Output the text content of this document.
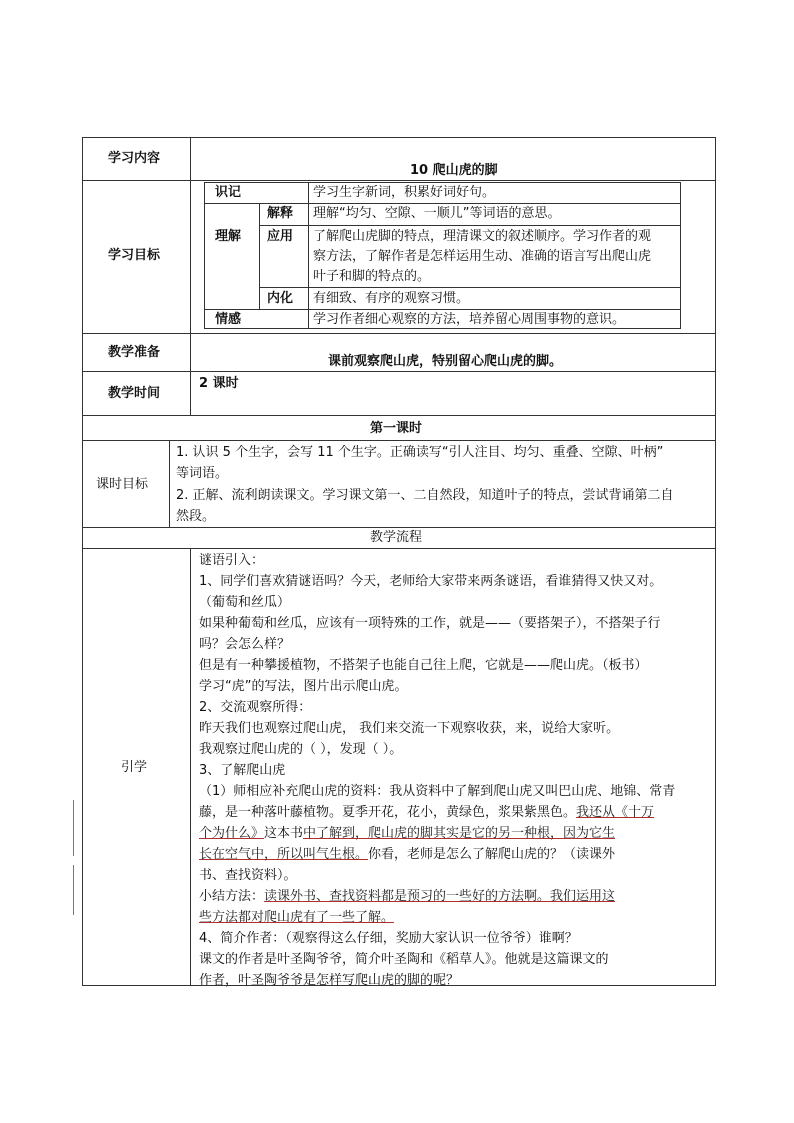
学习内容
10 爬山虎的脚
学习目标
识记	学习生字新词，积累好词好句。
理解
解释 理解“均匀、空隙、一顺儿”等词语的意思。
应用 了解爬山虎脚的特点，理清课文的叙述顺序。学习作者的观
察方法，了解作者是怎样运用生动、准确的语言写出爬山虎
叶子和脚的特点的。
内化 有细致、有序的观察习惯。
情感	学习作者细心观察的方法，培养留心周围事物的意识。
教学准备
课前观察爬山虎，特别留心爬山虎的脚。
教学时间
2 课时
第一课时
课时目标
1. 认识 5 个生字，会写 11 个生字。正确读写“引人注目、均匀、重叠、空隙、叶柄”
等词语。
2. 正解、流利朗读课文。学习课文第一、二自然段，知道叶子的特点，尝试背诵第二自
然段。
教学流程
引学
谜语引入：
1、同学们喜欢猜谜语吗？今天，老师给大家带来两条谜语，看谁猜得又快又对。
（葡萄和丝瓜）
如果种葡萄和丝瓜，应该有一项特殊的工作，就是——（要搭架子），不搭架子行
吗？会怎么样？
但是有一种攀援植物，不搭架子也能自己往上爬，它就是——爬山虎。（板书）
学习“虎”的写法，图片出示爬山虎。
2、交流观察所得：
昨天我们也观察过爬山虎， 我们来交流一下观察收获，来，说给大家听。
我观察过爬山虎的（ ），发现（ ）。
3、了解爬山虎
（1）师相应补充爬山虎的资料：我从资料中了解到爬山虎又叫巴山虎、地锦、常青
藤，是一种落叶藤植物。夏季开花，花小，黄绿色，浆果紫黑色。我还从《十万
个为什么》这本书中了解到，爬山虎的脚其实是它的另一种根，因为它生
长在空气中，所以叫气生根。你看，老师是怎么了解爬山虎的？（读课外
书、查找资料）。
小结方法：读课外书、查找资料都是预习的一些好的方法啊。我们运用这
些方法都对爬山虎有了一些了解。
4、简介作者：（观察得这么仔细，奖励大家认识一位爷爷）谁啊？
课文的作者是叶圣陶爷爷，简介叶圣陶和《稻草人》。他就是这篇课文的
作者，叶圣陶爷爷是怎样写爬山虎的脚的呢？
